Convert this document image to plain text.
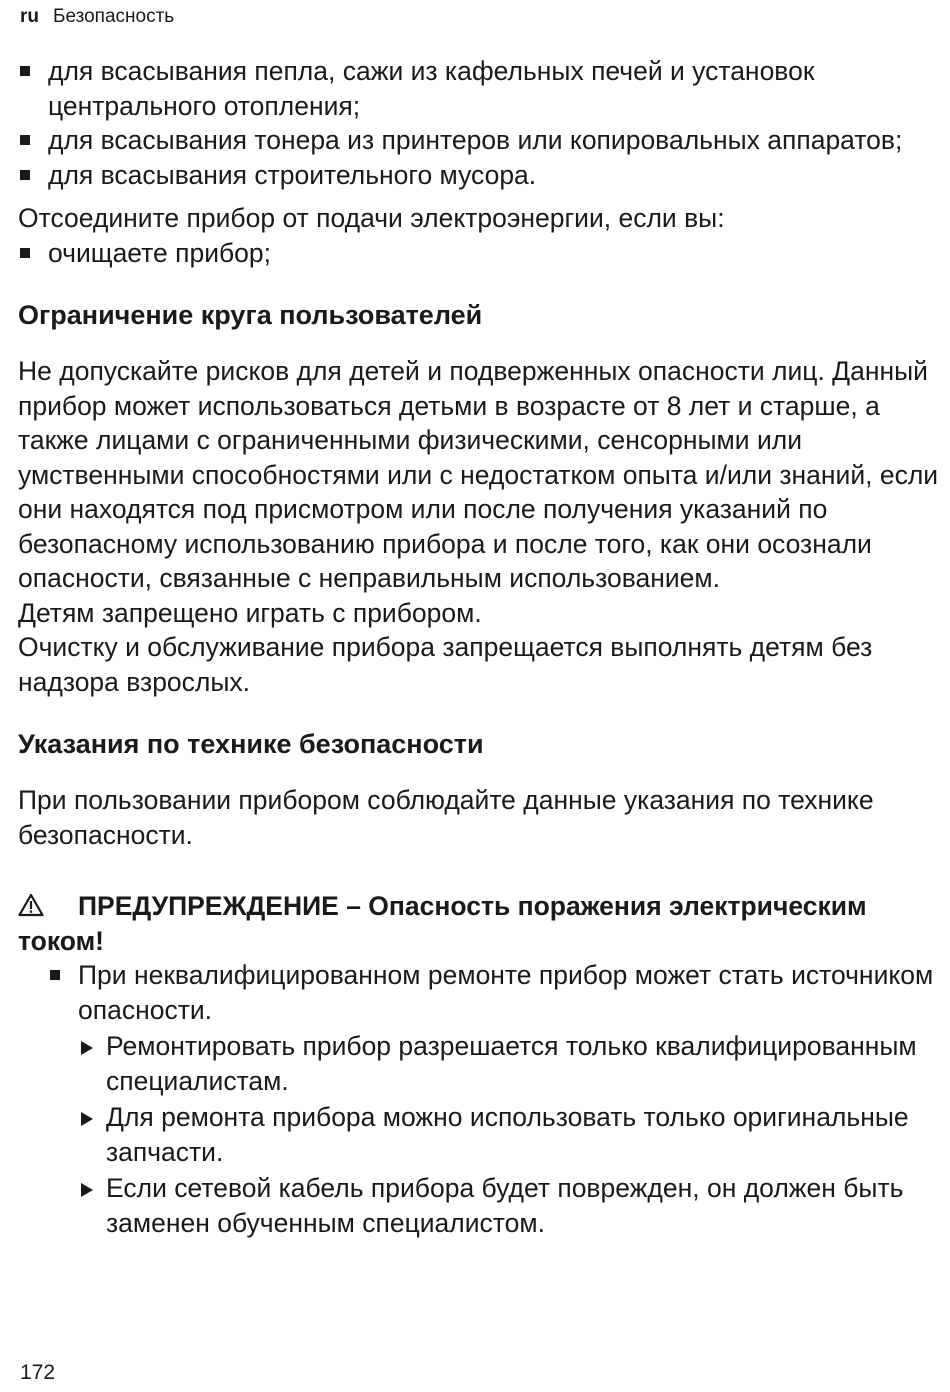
ru Безопасность
для всасывания пепла, сажи из кафельных печей и установок центрального отопления;
для всасывания тонера из принтеров или копировальных аппаратов;
для всасывания строительного мусора.

Отсоедините прибор от подачи электроэнергии, если вы:

очищаете прибор;
Ограничение круга пользователей

Не допускайте рисков для детей и подверженных опасности лиц. Данный прибор может использоваться детьми в возрасте от 8 лет и старше, а также лицами с ограниченными физическими, сенсорными или умственными способностями или с недостатком опыта и/или знаний, если они находятся под присмотром или после получения указаний по безопасному использованию прибора и после того, как они осознали опасности, связанные с неправильным использованием.

Детям запрещено играть с прибором.

Очистку и обслуживание прибора запрещается выполнять детям без надзора взрослых.

Указания по технике безопасности

При пользовании прибором соблюдайте данные указания по технике безопасности.

ПРЕДУПРЕЖДЕНИЕ – Опасность поражения электрическим током!
При неквалифицированном ремонте прибор может стать источником опасности.
Ремонтировать прибор разрешается только квалифицированным специалистам.
Для ремонта прибора можно использовать только оригинальные запчасти.
Если сетевой кабель прибора будет поврежден, он должен быть заменен обученным специалистом.
172
